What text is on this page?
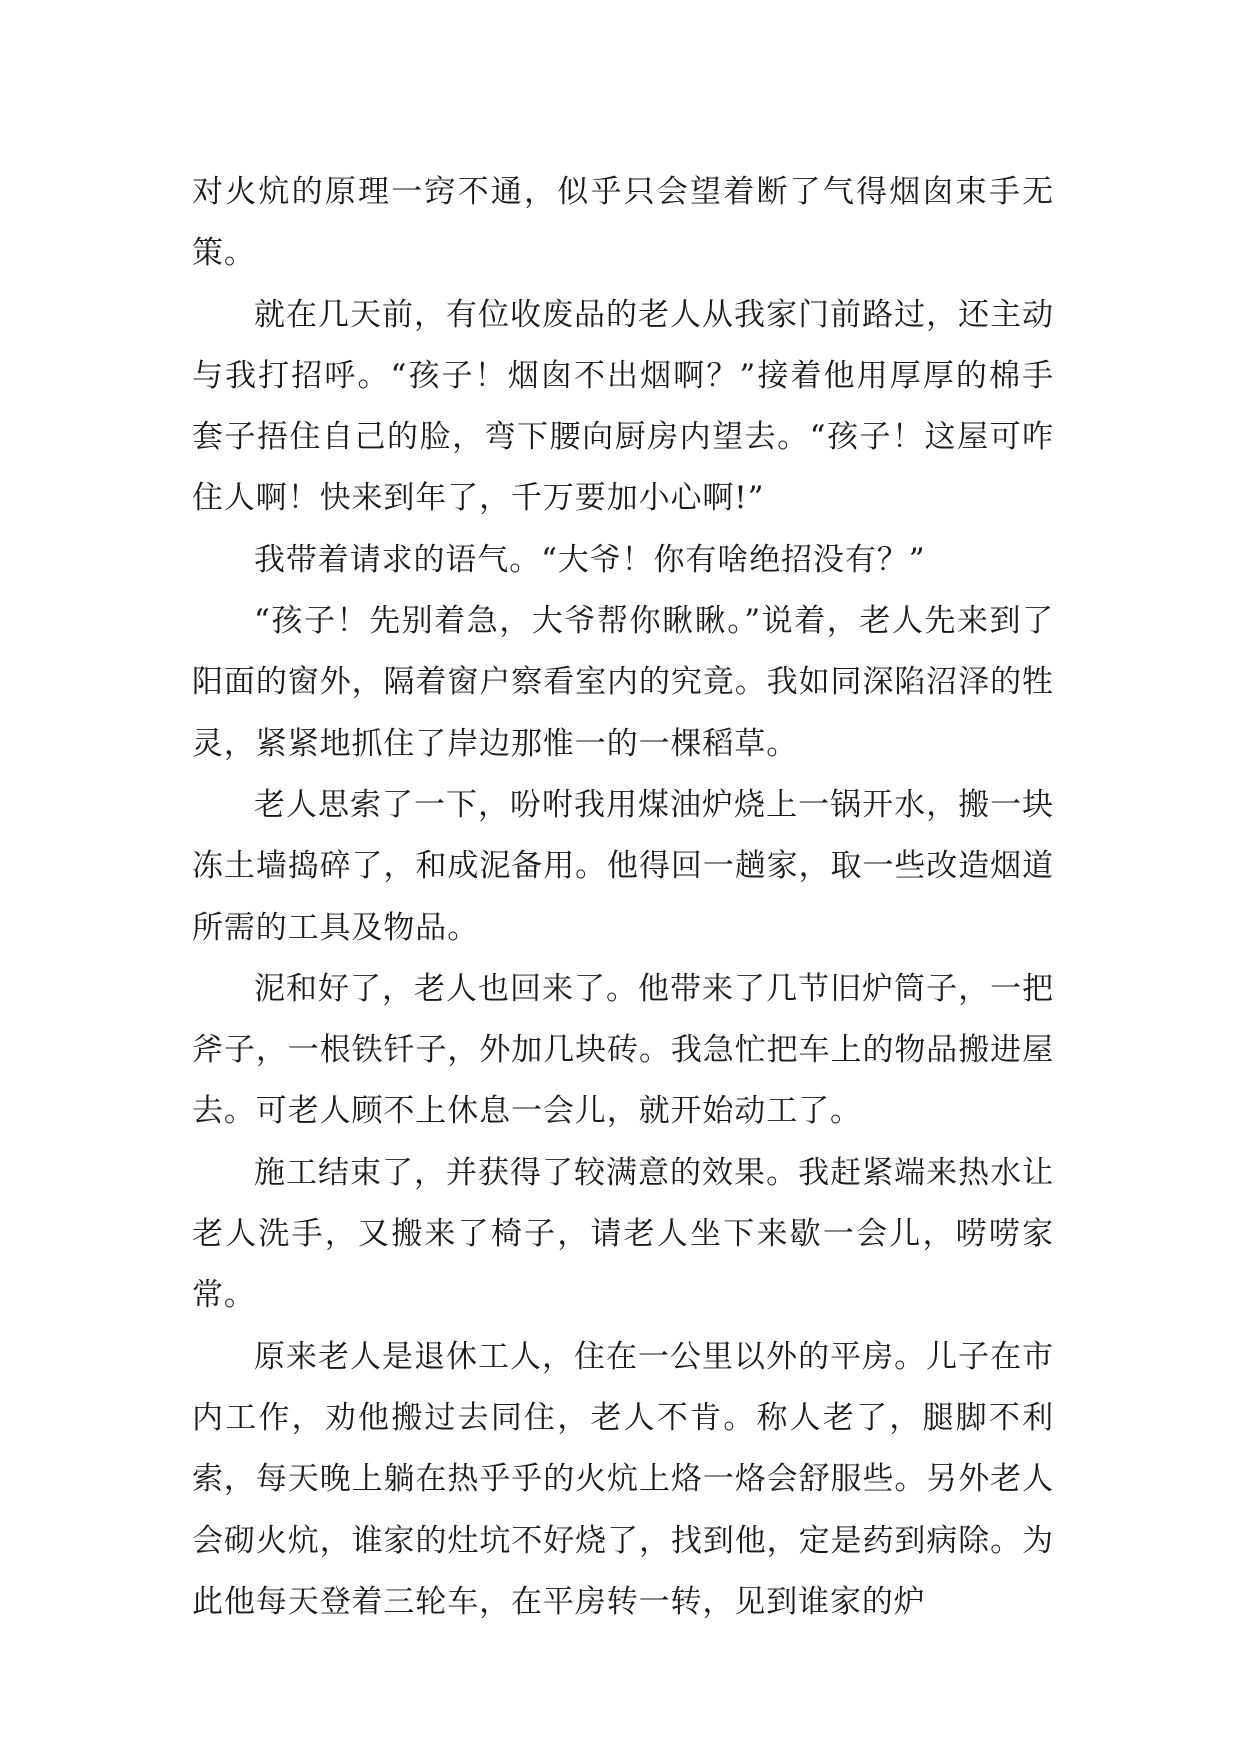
对火炕的原理一窍不通，似乎只会望着断了气得烟囱束手无策。

就在几天前，有位收废品的老人从我家门前路过，还主动与我打招呼。“孩子！烟囱不出烟啊？”接着他用厚厚的棉手套子捂住自己的脸，弯下腰向厨房内望去。“孩子！这屋可咋住人啊！快来到年了，千万要加小心啊!”

我带着请求的语气。“大爷！你有啥绝招没有？”

“孩子！先别着急，大爷帮你瞅瞅。”说着，老人先来到了阳面的窗外，隔着窗户察看室内的究竟。我如同深陷沼泽的牲灵，紧紧地抓住了岸边那惟一的一棵稻草。

老人思索了一下，吩咐我用煤油炉烧上一锅开水，搬一块冻土墙捣碎了，和成泥备用。他得回一趟家，取一些改造烟道所需的工具及物品。

泥和好了，老人也回来了。他带来了几节旧炉筒子，一把斧子，一根铁钎子，外加几块砖。我急忙把车上的物品搬进屋去。可老人顾不上休息一会儿，就开始动工了。

施工结束了，并获得了较满意的效果。我赶紧端来热水让老人洗手，又搬来了椅子，请老人坐下来歇一会儿，唠唠家常。

原来老人是退休工人，住在一公里以外的平房。儿子在市内工作，劝他搬过去同住，老人不肯。称人老了，腿脚不利索，每天晚上躺在热乎乎的火炕上烙一烙会舒服些。另外老人会砌火炕，谁家的灶坑不好烧了，找到他，定是药到病除。为此他每天登着三轮车，在平房转一转，见到谁家的炉
